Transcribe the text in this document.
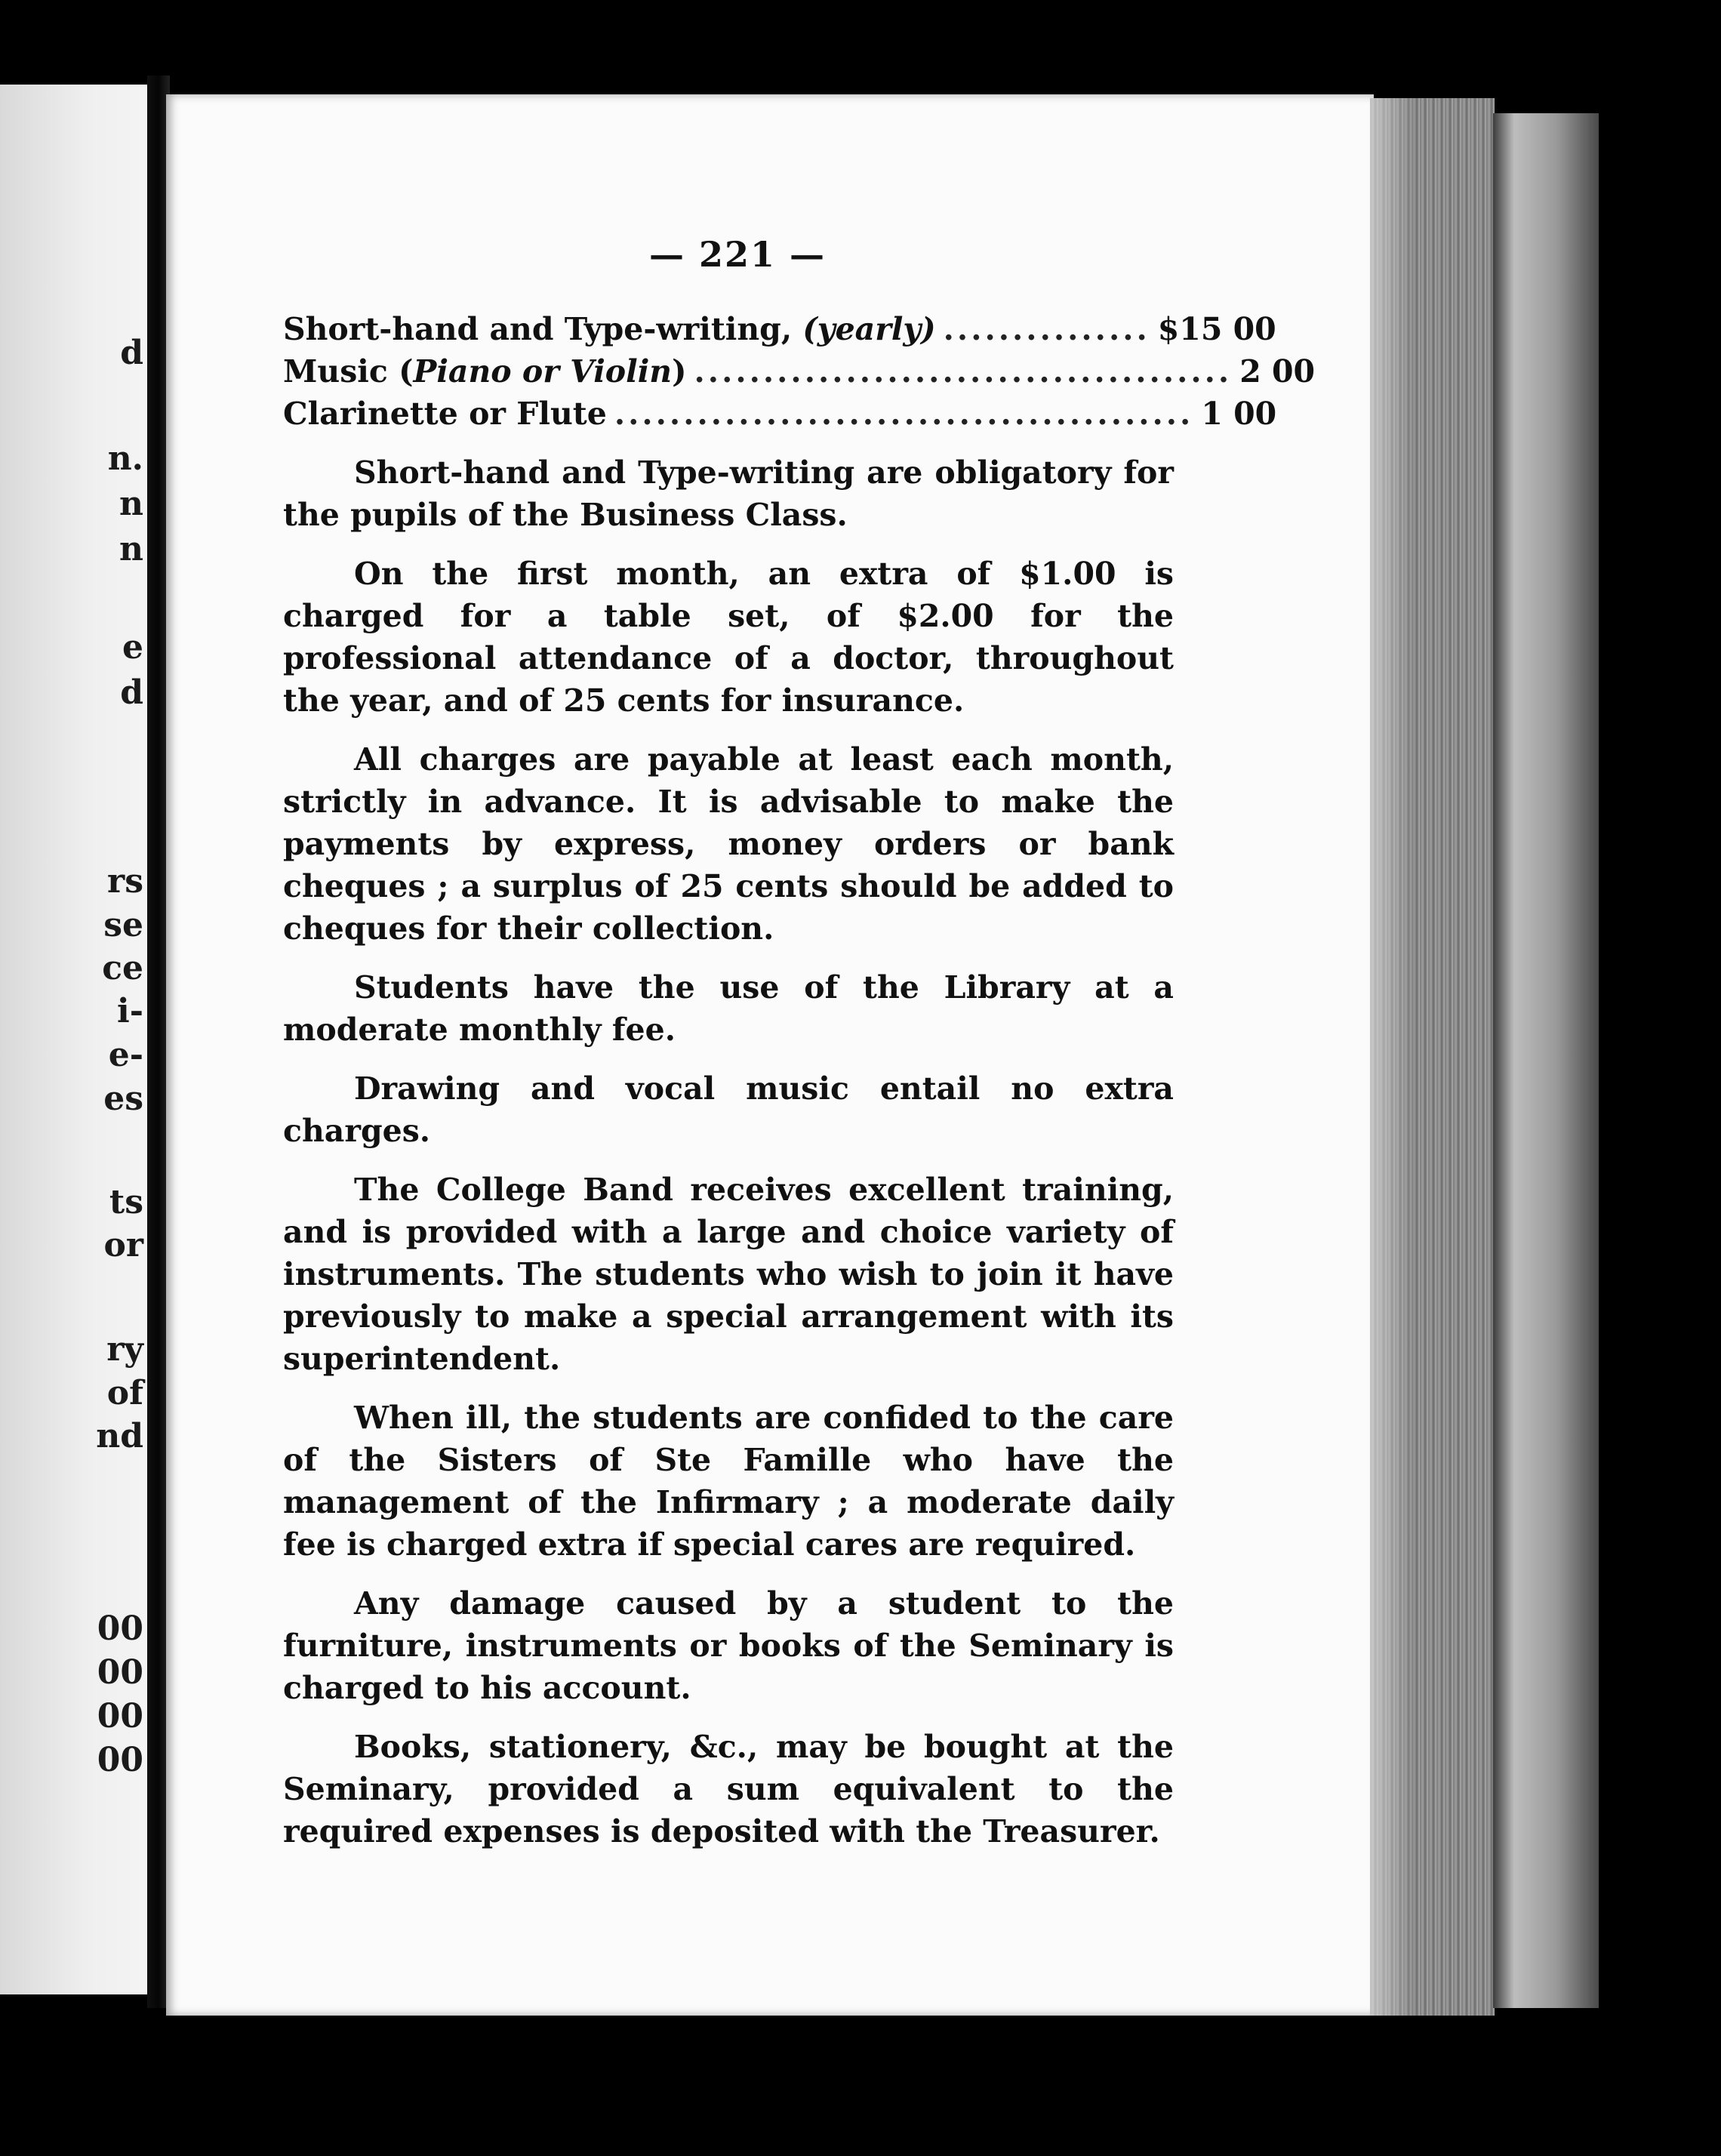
d
n.
n
n
e
d
rs
se
ce
i-
e-
es
ts
or
ry
of
nd
00
00
00
00
— 221 —
Short-hand and Type-writing, (yearly) ............... $15 00
Music (Piano or Violin) ....................................... 2 00
Clarinette or Flute .......................................... 1 00

Short-hand and Type-writing are obligatory for the pupils of the Business Class.

On the first month, an extra of $1.00 is charged for a table set, of $2.00 for the professional attendance of a doctor, throughout the year, and of 25 cents for insurance.

All charges are payable at least each month, strictly in advance. It is advisable to make the payments by express, money orders or bank cheques ; a surplus of 25 cents should be added to cheques for their collection.

Students have the use of the Library at a moderate monthly fee.

Drawing and vocal music entail no extra charges.

The College Band receives excellent training, and is provided with a large and choice variety of instruments. The students who wish to join it have previously to make a special arrangement with its superintendent.

When ill, the students are confided to the care of the Sisters of Ste Famille who have the management of the Infirmary ; a moderate daily fee is charged extra if special cares are required.

Any damage caused by a student to the furniture, instruments or books of the Seminary is charged to his account.

Books, stationery, &c., may be bought at the Seminary, provided a sum equivalent to the required expenses is deposited with the Treasurer.
